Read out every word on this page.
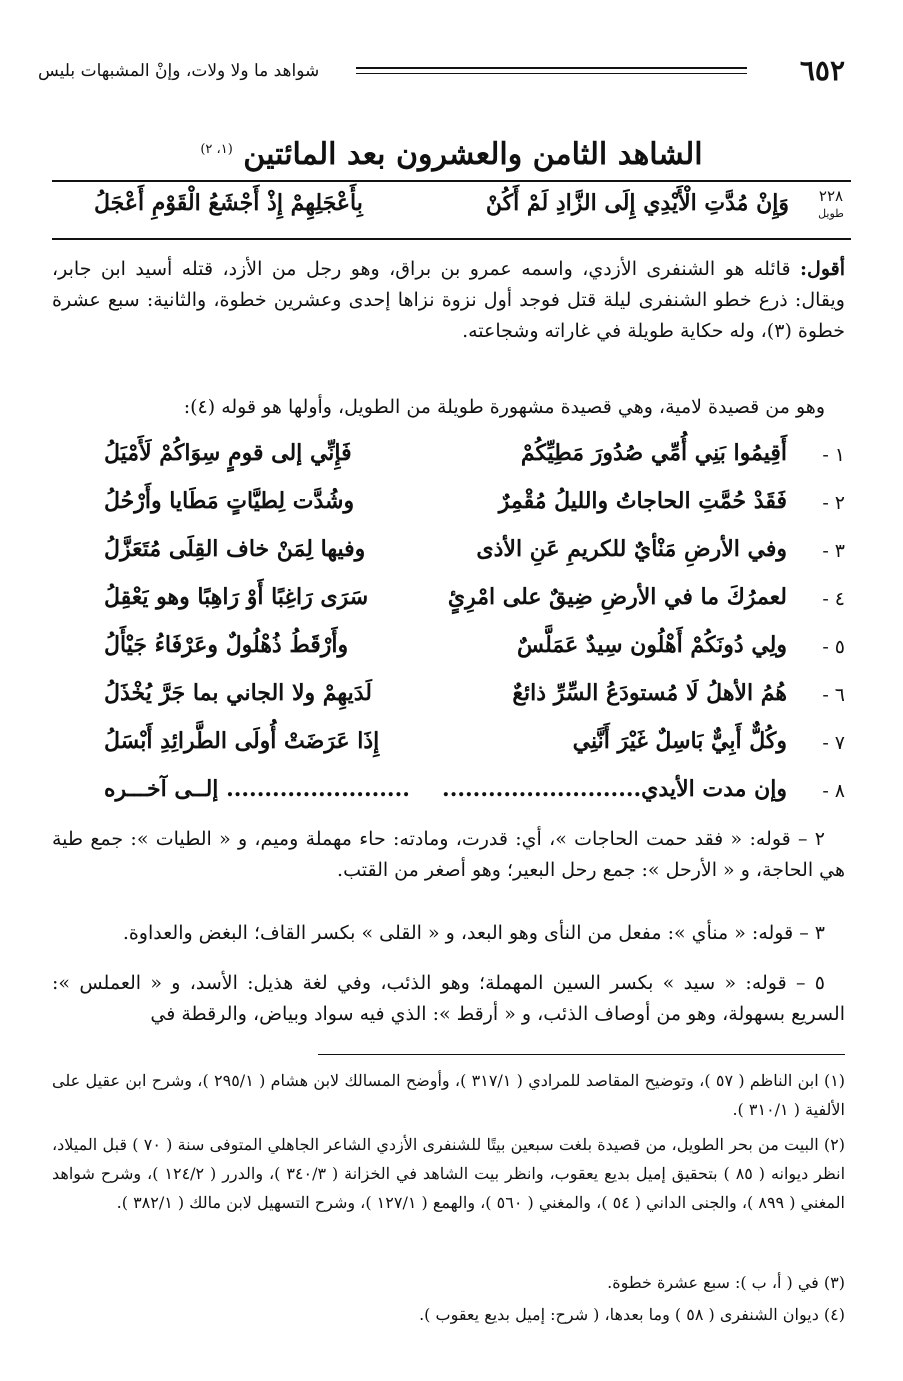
٦٥٢
شواهد ما ولا ولات، وإنْ المشبهات بليس
الشاهد الثامن والعشرون بعد المائتين $^{(١، ٢)}$
٢٢٨
طويل
وَإِنْ مُدَّتِ الْأَيْدِي إِلَى الزَّادِ لَمْ أَكُنْ
بِأَعْجَلِهِمْ إِذْ أَجْشَعُ الْقَوْمِ أَعْجَلُ
أقول: قائله هو الشنفرى الأزدي، واسمه عمرو بن براق، وهو رجل من الأزد، قتله أسيد ابن جابر، ويقال: ذرع خطو الشنفرى ليلة قتل فوجد أول نزوة نزاها إحدى وعشرين خطوة، والثانية: سبع عشرة خطوة (٣)، وله حكاية طويلة في غاراته وشجاعته.
وهو من قصيدة لامية، وهي قصيدة مشهورة طويلة من الطويل، وأولها هو قوله (٤):
١ -
أَقِيمُوا بَنِي أُمِّي صُدُورَ مَطِيِّكُمْ
فَإِنِّي إلى قومٍ سِوَاكُمْ لَأَمْيَلُ
٢ -
فَقَدْ حُمَّتِ الحاجاتُ والليلُ مُقْمِرٌ
وشُدَّت لِطيَّاتٍ مَطَايا وأَرْحُلُ
٣ -
وفي الأرضِ مَنْأيٌ للكريمِ عَنِ الأذى
وفيها لِمَنْ خاف القِلَى مُتَعَزَّلُ
٤ -
لعمرُكَ ما في الأرضِ ضِيقٌ على امْرِئٍ
سَرَى رَاغِبًا أَوْ رَاهِبًا وهو يَعْقِلُ
٥ -
ولِي دُونَكُمْ أَهْلُون سِيدٌ عَمَلَّسٌ
وأَرْقَطُ ذُهْلُولٌ وعَرْفَاءُ جَيْأَلُ
٦ -
هُمُ الأهلُ لَا مُستودَعُ السِّرِّ ذائعٌ
لَدَيهِمْ ولا الجاني بما جَرَّ يُخْذَلُ
٧ -
وكُلٌّ أَبِيٌّ بَاسِلٌ غَيْرَ أَنَّنِي
إِذَا عَرَضَتْ أُولَى الطَّرائِدِ أَبْسَلُ
٨ -
وإن مدت الأيدي..........................
........................ إلــى آخـــره
٢ – قوله: « فقد حمت الحاجات »، أي: قدرت، ومادته: حاء مهملة وميم، و « الطيات »: جمع طية هي الحاجة، و « الأرحل »: جمع رحل البعير؛ وهو أصغر من القتب.
٣ – قوله: « منأي »: مفعل من النأى وهو البعد، و « القلى » بكسر القاف؛ البغض والعداوة.
٥ – قوله: « سيد » بكسر السين المهملة؛ وهو الذئب، وفي لغة هذيل: الأسد، و « العملس »: السريع بسهولة، وهو من أوصاف الذئب، و « أرقط »: الذي فيه سواد وبياض، والرقطة في
(١) ابن الناظم ( ٥٧ )، وتوضيح المقاصد للمرادي ( ٣١٧/١ )، وأوضح المسالك لابن هشام ( ٢٩٥/١ )، وشرح ابن عقيل على الألفية ( ٣١٠/١ ).
(٢) البيت من بحر الطويل، من قصيدة بلغت سبعين بيتًا للشنفرى الأزدي الشاعر الجاهلي المتوفى سنة ( ٧٠ ) قبل الميلاد، انظر ديوانه ( ٨٥ ) بتحقيق إميل بديع يعقوب، وانظر بيت الشاهد في الخزانة ( ٣٤٠/٣ )، والدرر ( ١٢٤/٢ )، وشرح شواهد المغني ( ٨٩٩ )، والجنى الداني ( ٥٤ )، والمغني ( ٥٦٠ )، والهمع ( ١٢٧/١ )، وشرح التسهيل لابن مالك ( ٣٨٢/١ ).
(٣) في ( أ، ب ): سبع عشرة خطوة.
(٤) ديوان الشنفرى ( ٥٨ ) وما بعدها، ( شرح: إميل بديع يعقوب ).
